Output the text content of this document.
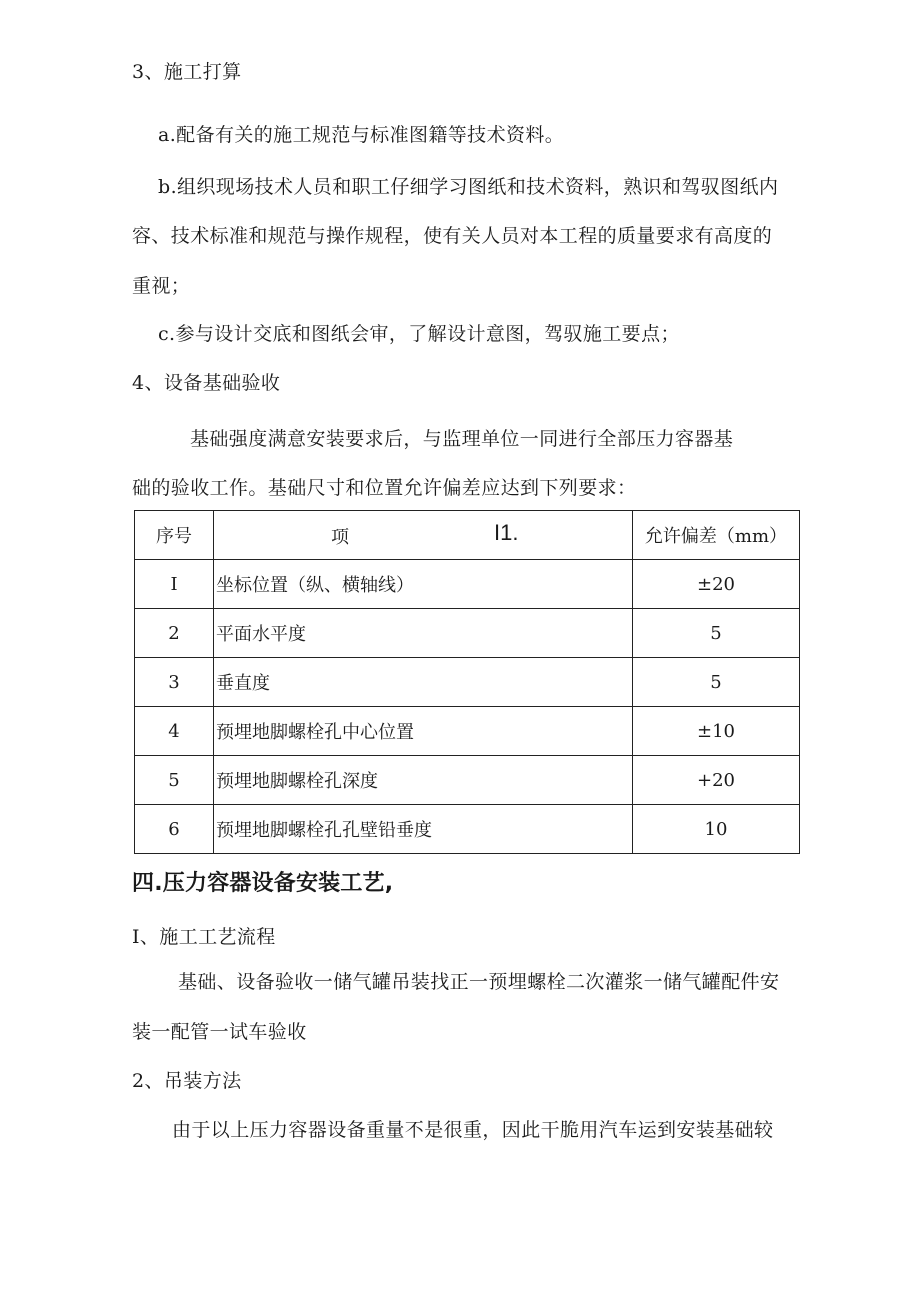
3、施工打算
a.配备有关的施工规范与标准图籍等技术资料。
b.组织现场技术人员和职工仔细学习图纸和技术资料，熟识和驾驭图纸内
容、技术标准和规范与操作规程，使有关人员对本工程的质量要求有高度的
重视；
c.参与设计交底和图纸会审，了解设计意图，驾驭施工要点；
4、设备基础验收
基础强度满意安装要求后，与监理单位一同进行全部压力容器基
础的验收工作。基础尺寸和位置允许偏差应达到下列要求：
序号	项 I1.	允许偏差（mm）
I	坐标位置（纵、横轴线）	±20
2	平面水平度	5
3	垂直度	5
4	预埋地脚螺栓孔中心位置	±10
5	预埋地脚螺栓孔深度	+20
6	预埋地脚螺栓孔孔壁铅垂度	10
四.压力容器设备安装工艺,
I、施工工艺流程
基础、设备验收一储气罐吊装找正一预埋螺栓二次灌浆一储气罐配件安
装一配管一试车验收
2、吊装方法
由于以上压力容器设备重量不是很重，因此干脆用汽车运到安装基础较
